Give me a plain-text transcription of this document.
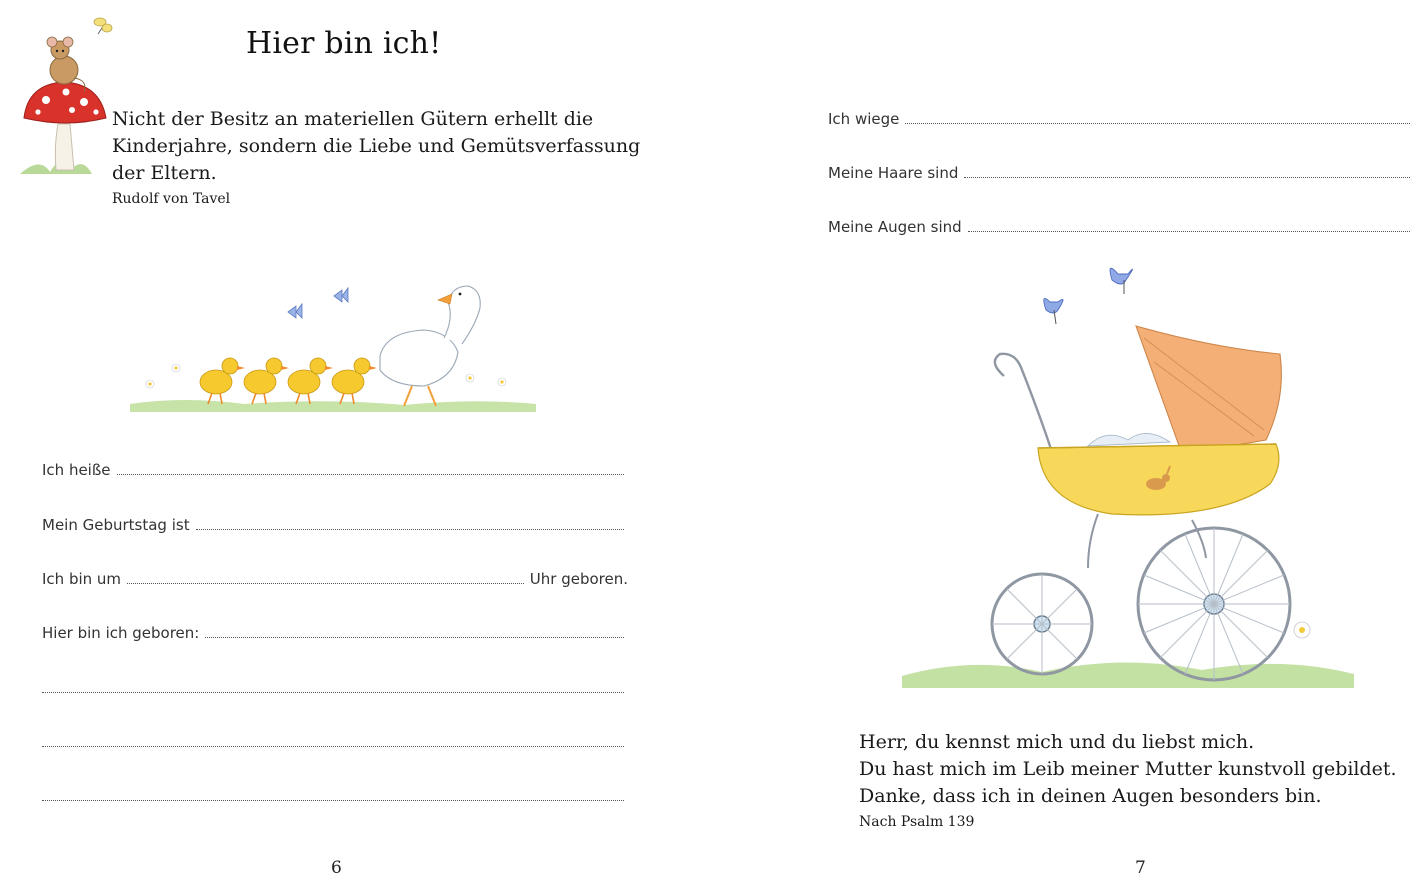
Hier bin ich!

Nicht der Besitz an materiellen Gütern erhellt die Kinderjahre, sondern die Liebe und Gemütsverfassung der Eltern.

Rudolf von Tavel

Ich heiße
Mein Geburtstag ist
Ich bin um	Uhr geboren.
Hier bin ich geboren:

6

Ich wiege
Meine Haare sind
Meine Augen sind
Herr, du kennst mich und du liebst mich.
Du hast mich im Leib meiner Mutter kunstvoll gebildet.
Danke, dass ich in deinen Augen besonders bin.

Nach Psalm 139

7
